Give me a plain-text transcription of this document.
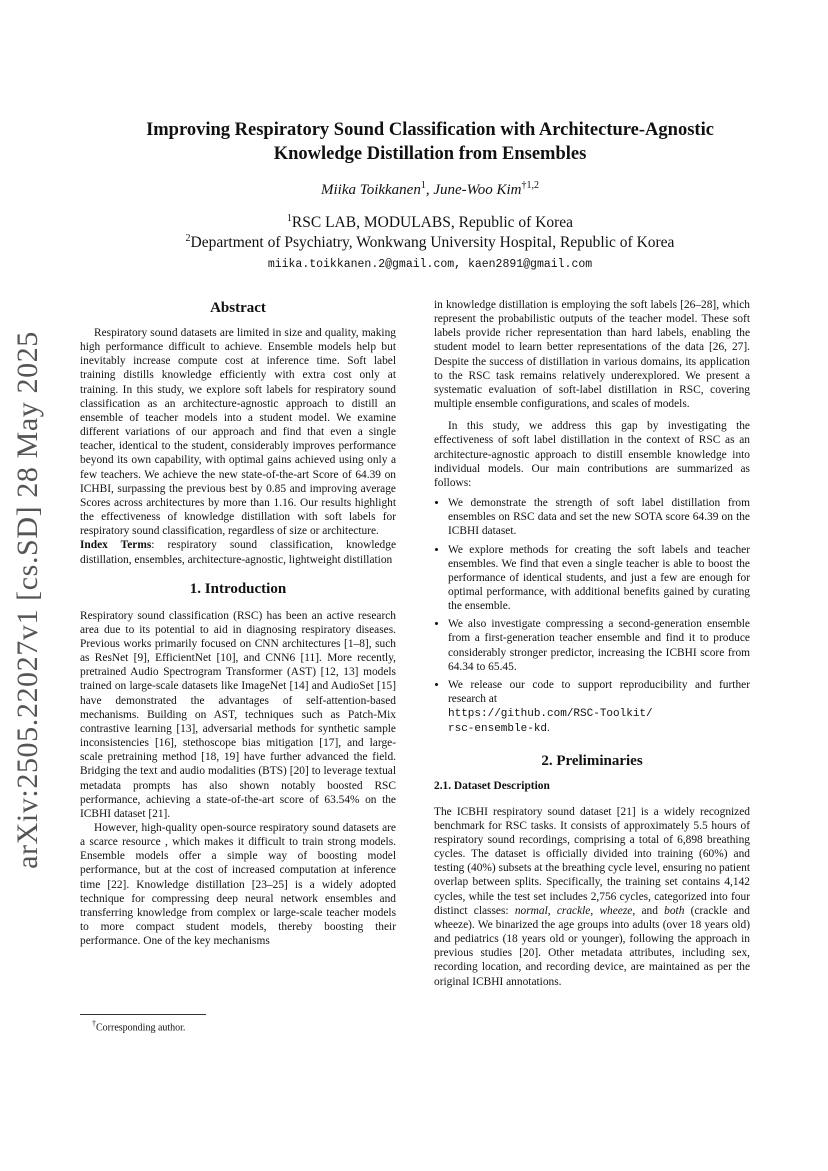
arXiv:2505.22027v1 [cs.SD] 28 May 2025
Improving Respiratory Sound Classification with Architecture-Agnostic
Knowledge Distillation from Ensembles
Miika Toikkanen$^1$, June-Woo Kim$^{\dagger 1,2}$
$^1$RSC LAB, MODULABS, Republic of Korea
$^2$Department of Psychiatry, Wonkwang University Hospital, Republic of Korea
miika.toikkanen.2@gmail.com, kaen2891@gmail.com
Abstract

Respiratory sound datasets are limited in size and quality, making high performance difficult to achieve. Ensemble models help but inevitably increase compute cost at inference time. Soft label training distills knowledge efficiently with extra cost only at training. In this study, we explore soft labels for respiratory sound classification as an architecture-agnostic approach to distill an ensemble of teacher models into a student model. We examine different variations of our approach and find that even a single teacher, identical to the student, considerably improves performance beyond its own capability, with optimal gains achieved using only a few teachers. We achieve the new state-of-the-art Score of 64.39 on ICHBI, surpassing the previous best by 0.85 and improving average Scores across architectures by more than 1.16. Our results highlight the effectiveness of knowledge distillation with soft labels for respiratory sound classification, regardless of size or architecture.

Index Terms: respiratory sound classification, knowledge distillation, ensembles, architecture-agnostic, lightweight distillation

1. Introduction

Respiratory sound classification (RSC) has been an active research area due to its potential to aid in diagnosing respiratory diseases. Previous works primarily focused on CNN architectures [1–8], such as ResNet [9], EfficientNet [10], and CNN6 [11]. More recently, pretrained Audio Spectrogram Transformer (AST) [12, 13] models trained on large-scale datasets like ImageNet [14] and AudioSet [15] have demonstrated the advantages of self-attention-based mechanisms. Building on AST, techniques such as Patch-Mix contrastive learning [13], adversarial methods for synthetic sample inconsistencies [16], stethoscope bias mitigation [17], and large-scale pretraining method [18, 19] have further advanced the field. Bridging the text and audio modalities (BTS) [20] to leverage textual metadata prompts has also shown notably boosted RSC performance, achieving a state-of-the-art score of 63.54% on the ICBHI dataset [21].

However, high-quality open-source respiratory sound datasets are a scarce resource , which makes it difficult to train strong models. Ensemble models offer a simple way of boosting model performance, but at the cost of increased computation at inference time [22]. Knowledge distillation [23–25] is a widely adopted technique for compressing deep neural network ensembles and transferring knowledge from complex or large-scale teacher models to more compact student models, thereby boosting their performance. One of the key mechanisms

in knowledge distillation is employing the soft labels [26–28], which represent the probabilistic outputs of the teacher model. These soft labels provide richer representation than hard labels, enabling the student model to learn better representations of the data [26, 27]. Despite the success of distillation in various domains, its application to the RSC task remains relatively underexplored. We present a systematic evaluation of soft-label distillation in RSC, covering multiple ensemble configurations, and scales of models.

In this study, we address this gap by investigating the effectiveness of soft label distillation in the context of RSC as an architecture-agnostic approach to distill ensemble knowledge into individual models. Our main contributions are summarized as follows:

• We demonstrate the strength of soft label distillation from ensembles on RSC data and set the new SOTA score 64.39 on the ICBHI dataset.
• We explore methods for creating the soft labels and teacher ensembles. We find that even a single teacher is able to boost the performance of identical students, and just a few are enough for optimal performance, with additional benefits gained by curating the ensemble.
• We also investigate compressing a second-generation ensemble from a first-generation teacher ensemble and find it to produce considerably stronger predictor, increasing the ICBHI score from 64.34 to 65.45.
• We release our code to support reproducibility and further research at
https://github.com/RSC-Toolkit/
rsc-ensemble-kd.
2. Preliminaries
2.1. Dataset Description

The ICBHI respiratory sound dataset [21] is a widely recognized benchmark for RSC tasks. It consists of approximately 5.5 hours of respiratory sound recordings, comprising a total of 6,898 breathing cycles. The dataset is officially divided into training (60%) and testing (40%) subsets at the breathing cycle level, ensuring no patient overlap between splits. Specifically, the training set contains 4,142 cycles, while the test set includes 2,756 cycles, categorized into four distinct classes: normal, crackle, wheeze, and both (crackle and wheeze). We binarized the age groups into adults (over 18 years old) and pediatrics (18 years old or younger), following the approach in previous studies [20]. Other metadata attributes, including sex, recording location, and recording device, are maintained as per the original ICBHI annotations.

†Corresponding author.
